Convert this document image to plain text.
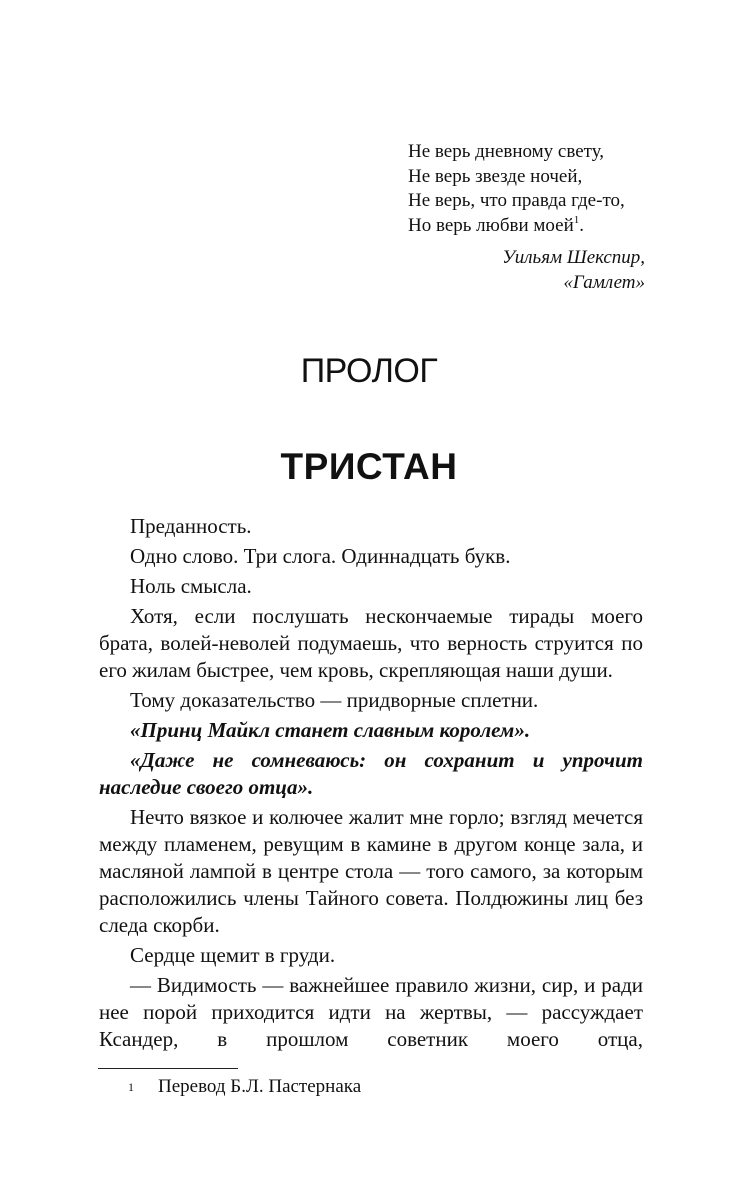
Не верь дневному свету,
Не верь звезде ночей,
Не верь, что правда где-то,
Но верь любви моей$^1$.
Уильям Шекспир,
«Гамлет»
ПРОЛОГ
ТРИСТАН
Преданность.
Одно слово. Три слога. Одиннадцать букв.
Ноль смысла.
Хотя, если послушать нескончаемые тирады моего брата, волей-неволей подумаешь, что верность струится по его жилам быстрее, чем кровь, скрепляющая наши души.
Тому доказательство — придворные сплетни.
«Принц Майкл станет славным королем».
«Даже не сомневаюсь: он сохранит и упрочит наследие своего отца».
Нечто вязкое и колючее жалит мне горло; взгляд мечется между пламенем, ревущим в камине в другом конце зала, и масляной лампой в центре стола — того самого, за которым расположились члены Тайного совета. Полдюжины лиц без следа скорби.
Сердце щемит в груди.
— Видимость — важнейшее правило жизни, сир, и ради нее порой приходится идти на жертвы, — рассуждает Ксандер, в прошлом советник моего отца,
1 Перевод Б.Л. Пастернака
